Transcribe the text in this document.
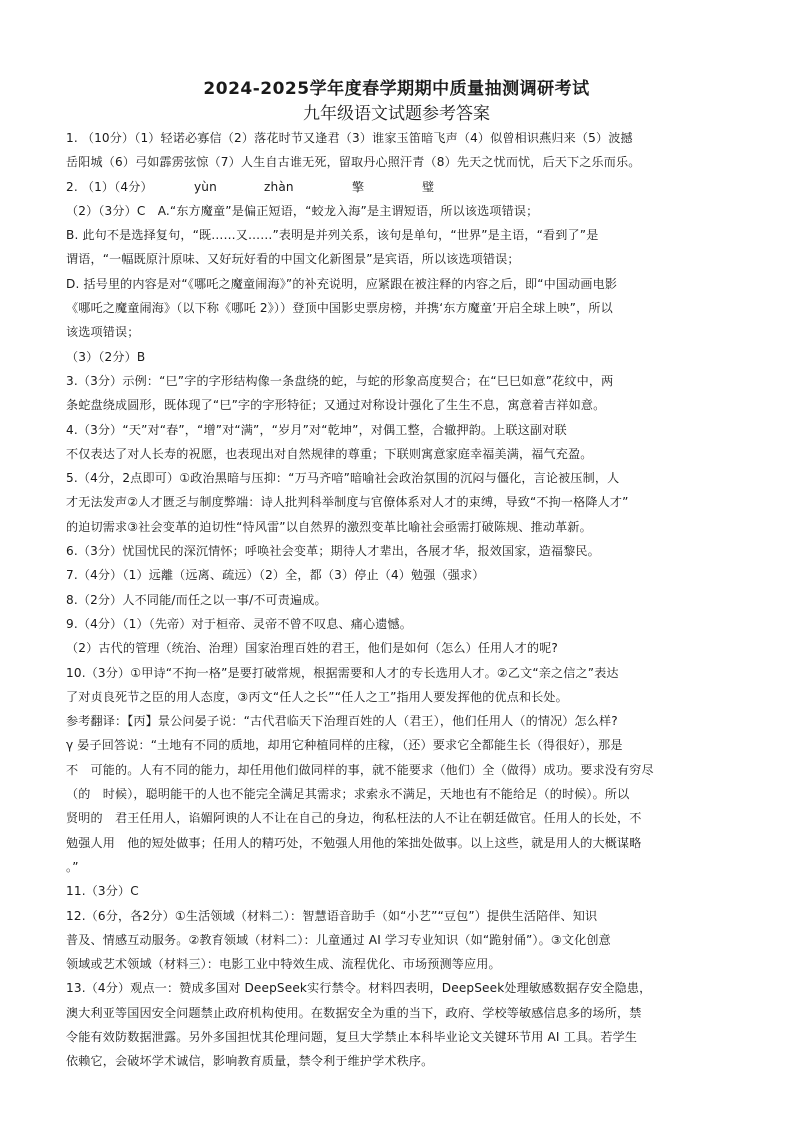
2024-2025学年度春学期期中质量抽测调研考试
九年级语文试题参考答案
1. （10分）（1）轻诺必寡信（2）落花时节又逢君（3）谁家玉笛暗飞声（4）似曾相识燕归来（5）波撼
岳阳城（6）弓如霹雳弦惊（7）人生自古谁无死，留取丹心照汗青（8）先天之忧而忧，后天下之乐而乐。
2. （1）（4分）	yùn	zhàn	擎	璧
（2）（3分）C　A.“东方魔童”是偏正短语，“蛟龙入海”是主谓短语，所以该选项错误；
B. 此句不是选择复句，“既……又……”表明是并列关系，该句是单句，“世界”是主语，“看到了”是
谓语，“一幅既原汁原味、又好玩好看的中国文化新图景”是宾语，所以该选项错误；
D. 括号里的内容是对“《哪吒之魔童闹海》”的补充说明，应紧跟在被注释的内容之后，即“中国动画电影
《哪吒之魔童闹海》（以下称《哪吒 2》））登顶中国影史票房榜，并携‘东方魔童’开启全球上映”，所以
该选项错误；
（3）（2分）B
3.（3分）示例：“巳”字的字形结构像一条盘绕的蛇，与蛇的形象高度契合；在“巳巳如意”花纹中，两
条蛇盘绕成圆形，既体现了“巳”字的字形特征；又通过对称设计强化了生生不息，寓意着吉祥如意。
4.（3分）“天”对“春”，“增”对“满”，“岁月”对“乾坤”，对偶工整，合辙押韵。上联这副对联
不仅表达了对人长寿的祝愿，也表现出对自然规律的尊重；下联则寓意家庭幸福美满，福气充盈。
5.（4分，2点即可）①政治黑暗与压抑：“万马齐喑”暗喻社会政治氛围的沉闷与僵化，言论被压制，人
才无法发声②人才匮乏与制度弊端：诗人批判科举制度与官僚体系对人才的束缚，导致“不拘一格降人才”
的迫切需求③社会变革的迫切性“恃风雷”以自然界的激烈变革比喻社会亟需打破陈规、推动革新。
6.（3分）忧国忧民的深沉情怀；呼唤社会变革；期待人才辈出，各展才华，报效国家，造福黎民。
7.（4分）（1）远離（远离、疏远）（2）全，都（3）停止（4）勉强（强求）
8.（2分）人不同能/而任之以一事/不可责遍成。
9.（4分）（1）（先帝）对于桓帝、灵帝不曾不叹息、痛心遗憾。
（2）古代的管理（统治、治理）国家治理百姓的君王，他们是如何（怎么）任用人才的呢?
10.（3分）①甲诗“不拘一格”是要打破常规，根据需要和人才的专长选用人才。②乙文“亲之信之”表达
了对贞良死节之臣的用人态度，③丙文“任人之长”“任人之工”指用人要发挥他的优点和长处。
参考翻译：【丙】景公问晏子说：“古代君临天下治理百姓的人（君王），他们任用人（的情况）怎么样?
γ 晏子回答说：“土地有不同的质地，却用它种植同样的庄稼，（还）要求它全都能生长（得很好），那是
不　可能的。人有不同的能力，却任用他们做同样的事，就不能要求（他们）全（做得）成功。要求没有穷尽
（的　时候），聪明能干的人也不能完全满足其需求；求索永不满足，天地也有不能给足（的时候）。所以
贤明的　君王任用人，谄媚阿谀的人不让在自己的身边，徇私枉法的人不让在朝廷做官。任用人的长处，不
勉强人用　他的短处做事；任用人的精巧处，不勉强人用他的笨拙处做事。以上这些，就是用人的大概谋略
。”
11.（3分）C
12.（6分，各2分）①生活领域（材料二）：智慧语音助手（如“小艺”“豆包”）提供生活陪伴、知识
普及、情感互动服务。②教育领域（材料二）：儿童通过 AI 学习专业知识（如“跪射俑”）。③文化创意
领域或艺术领域（材料三）：电影工业中特效生成、流程优化、市场预测等应用。
13.（4分）观点一：赞成多国对 DeepSeek实行禁令。材料四表明，DeepSeek处理敏感数据存安全隐患，
澳大利亚等国因安全问题禁止政府机构使用。在数据安全为重的当下，政府、学校等敏感信息多的场所，禁
令能有效防数据泄露。另外多国担忧其伦理问题，复旦大学禁止本科毕业论文关键环节用 AI 工具。若学生
依赖它，会破坏学术诚信，影响教育质量，禁令利于维护学术秩序。
